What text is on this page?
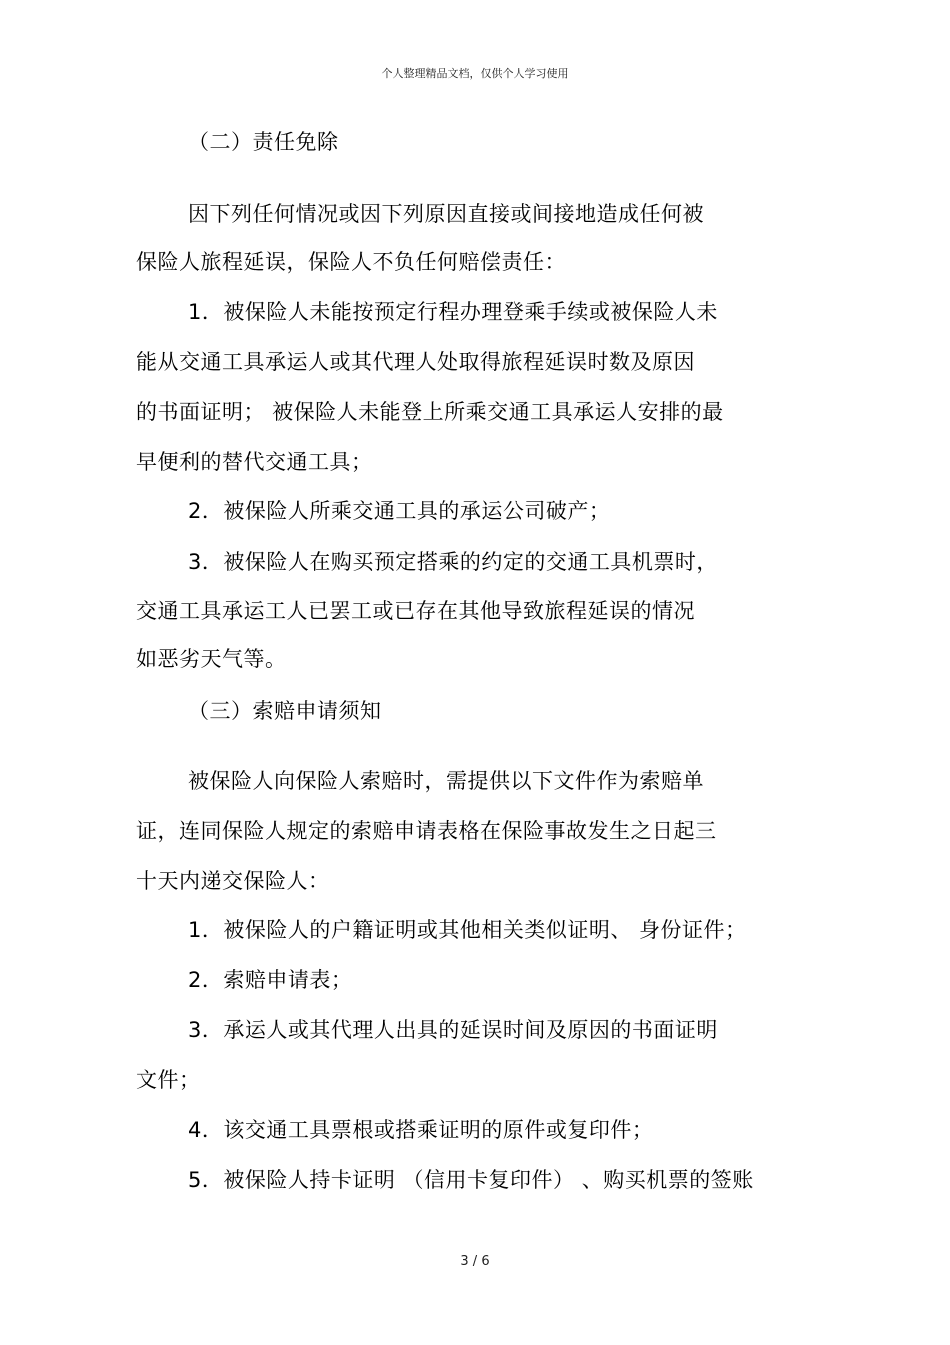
个人整理精品文档，仅供个人学习使用
（二）责任免除
因下列任何情况或因下列原因直接或间接地造成任何被
保险人旅程延误，保险人不负任何赔偿责任：
1．被保险人未能按预定行程办理登乘手续或被保险人未
能从交通工具承运人或其代理人处取得旅程延误时数及原因
的书面证明； 被保险人未能登上所乘交通工具承运人安排的最
早便利的替代交通工具；
2．被保险人所乘交通工具的承运公司破产；
3．被保险人在购买预定搭乘的约定的交通工具机票时，
交通工具承运工人已罢工或已存在其他导致旅程延误的情况
如恶劣天气等。
（三）索赔申请须知
被保险人向保险人索赔时，需提供以下文件作为索赔单
证，连同保险人规定的索赔申请表格在保险事故发生之日起三
十天内递交保险人：
1．被保险人的户籍证明或其他相关类似证明、 身份证件；
2．索赔申请表；
3．承运人或其代理人出具的延误时间及原因的书面证明
文件；
4．该交通工具票根或搭乘证明的原件或复印件；
5．被保险人持卡证明 （信用卡复印件） 、购买机票的签账
3 / 6
